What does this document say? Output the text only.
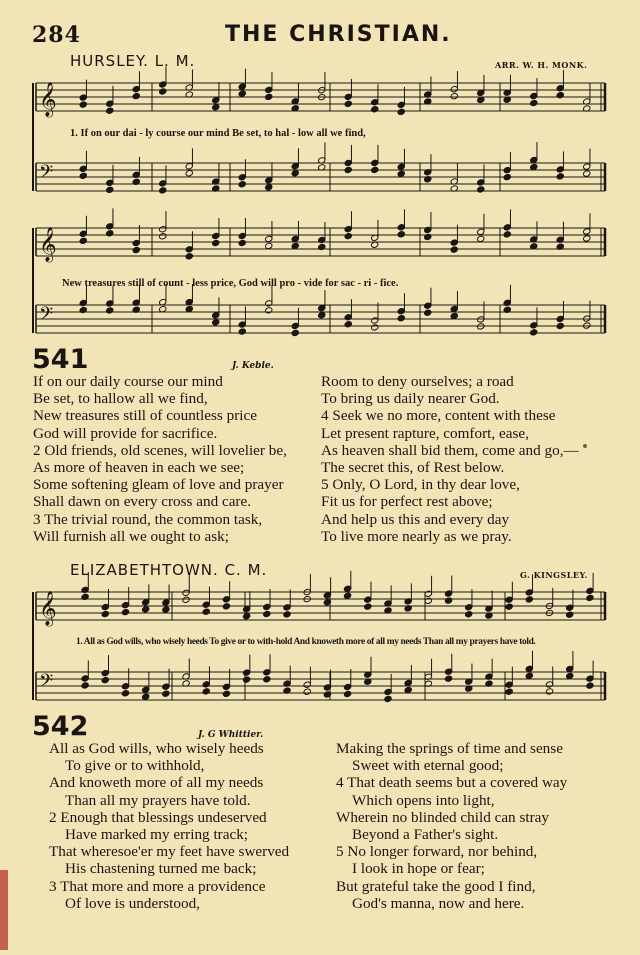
284	THE CHRISTIAN.
HURSLEY. L. M.	ARR. W. H. MONK.
𝄞
𝄢
𝄞
𝄢
𝄞
𝄢
1. If on our dai - ly course our mind Be set, to hal - low all we find,
New treasures still of count - less price, God will pro - vide for sac - ri - fice.
541	J. Keble.
If on our daily course our mind
Be set, to hallow all we find,
New treasures still of countless price
God will provide for sacrifice.
2 Old friends, old scenes, will lovelier be,
As more of heaven in each we see;
Some softening gleam of love and prayer
Shall dawn on every cross and care.
3 The trivial round, the common task,
Will furnish all we ought to ask;
Room to deny ourselves; a road
To bring us daily nearer God.
4 Seek we no more, content with these
Let present rapture, comfort, ease,
As heaven shall bid them, come and go,—
The secret this, of Rest below.
5 Only, O Lord, in thy dear love,
Fit us for perfect rest above;
And help us this and every day
To live more nearly as we pray.
ELIZABETHTOWN. C. M.	G. KINGSLEY.
1. All as God wills, who wisely heeds To give or to with-hold And knoweth more of all my needs Than all my prayers have told.
542	J. G Whittier.
All as God wills, who wisely heeds
To give or to withhold,
And knoweth more of all my needs
Than all my prayers have told.
2 Enough that blessings undeserved
Have marked my erring track;
That wheresoe'er my feet have swerved
His chastening turned me back;
3 That more and more a providence
Of love is understood,
Making the springs of time and sense
Sweet with eternal good;
4 That death seems but a covered way
Which opens into light,
Wherein no blinded child can stray
Beyond a Father's sight.
5 No longer forward, nor behind,
I look in hope or fear;
But grateful take the good I find,
God's manna, now and here.
